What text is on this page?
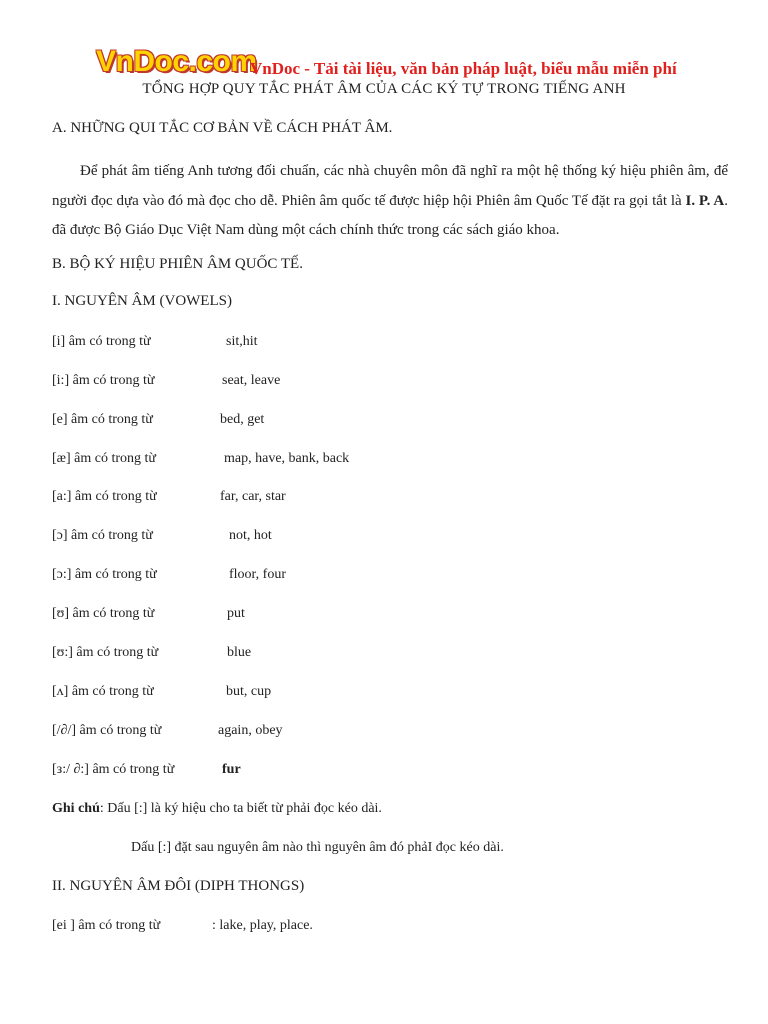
VnDoc.com
VnDoc - Tải tài liệu, văn bản pháp luật, biểu mẫu miễn phí
TỔNG HỢP QUY TẮC PHÁT ÂM CỦA CÁC KÝ TỰ TRONG TIẾNG ANH
A. NHỮNG QUI TẮC CƠ BẢN VỀ CÁCH PHÁT ÂM.

Để phát âm tiếng Anh tương đối chuẩn, các nhà chuyên môn đã nghĩ ra một hệ thống ký hiệu phiên âm, để người đọc dựa vào đó mà đọc cho dễ. Phiên âm quốc tế được hiệp hội Phiên âm Quốc Tế đặt ra gọi tắt là I. P. A. đã được Bộ Giáo Dục Việt Nam dùng một cách chính thức trong các sách giáo khoa.

B. BỘ KÝ HIỆU PHIÊN ÂM QUỐC TẾ.
I. NGUYÊN ÂM (VOWELS)
[i] âm có trong từ	sit,hit
[i:] âm có trong từ	seat, leave
[e] âm có trong từ	bed, get
[æ] âm có trong từ	map, have, bank, back
[a:] âm có trong từ	far, car, star
[ɔ] âm có trong từ	not, hot
[ɔ:] âm có trong từ	floor, four
[ʊ] âm có trong từ	put
[ʊ:] âm có trong từ	blue
[ʌ] âm có trong từ	but, cup
[/∂/] âm có trong từ	again, obey
[з:/ ∂:] âm có trong từ	fur
Ghi chú: Dấu [:] là ký hiệu cho ta biết từ phải đọc kéo dài.
Dấu [:] đặt sau nguyên âm nào thì nguyên âm đó phảI đọc kéo dài.
II. NGUYÊN ÂM ĐÔI (DIPH THONGS)
[ei ] âm có trong từ	: lake, play, place.
